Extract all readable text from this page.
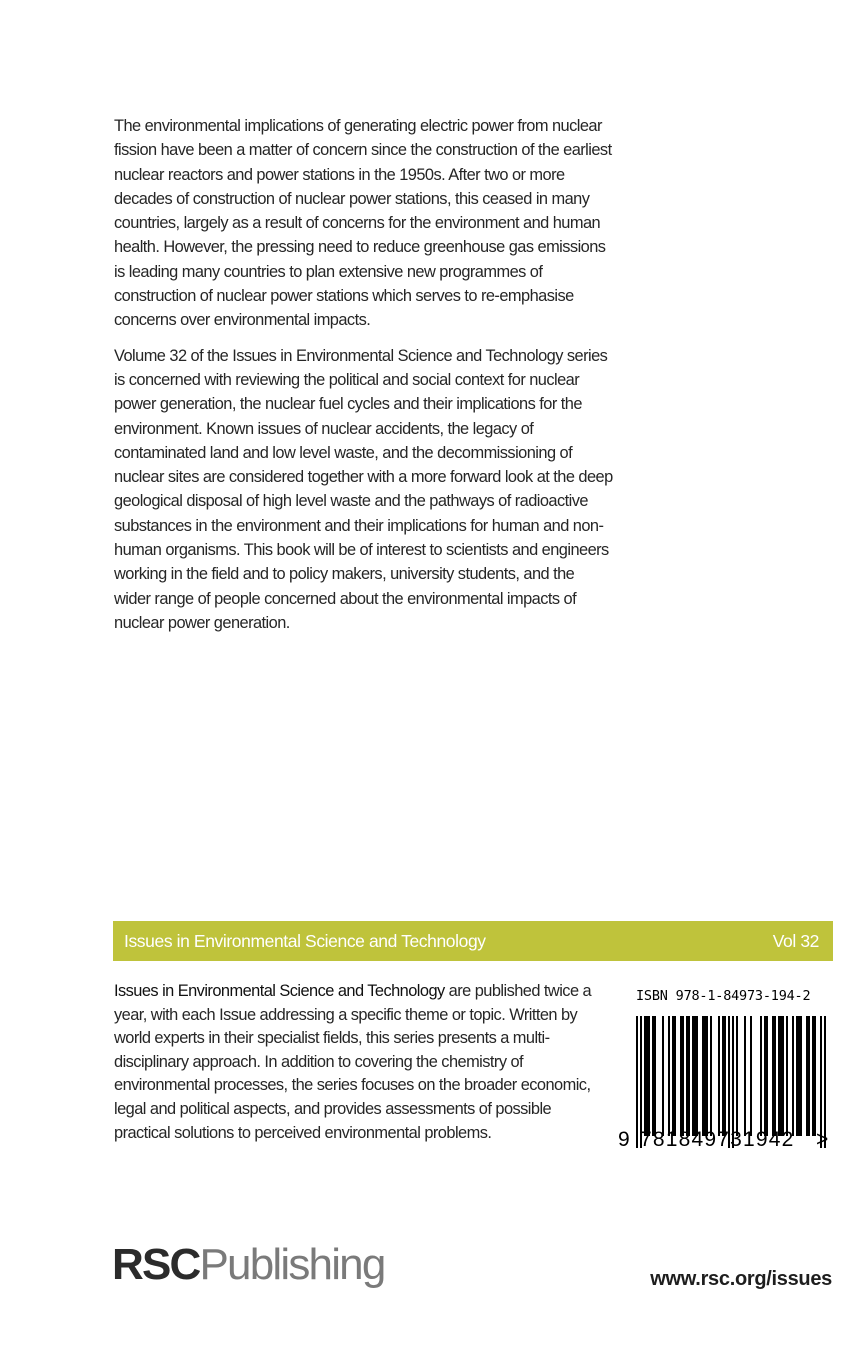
The environmental implications of generating electric power from nuclear fission have been a matter of concern since the construction of the earliest nuclear reactors and power stations in the 1950s. After two or more decades of construction of nuclear power stations, this ceased in many countries, largely as a result of concerns for the environment and human health. However, the pressing need to reduce greenhouse gas emissions is leading many countries to plan extensive new programmes of construction of nuclear power stations which serves to re-emphasise concerns over environmental impacts.

Volume 32 of the Issues in Environmental Science and Technology series is concerned with reviewing the political and social context for nuclear power generation, the nuclear fuel cycles and their implications for the environment. Known issues of nuclear accidents, the legacy of contaminated land and low level waste, and the decommissioning of nuclear sites are considered together with a more forward look at the deep geological disposal of high level waste and the pathways of radioactive substances in the environment and their implications for human and non-human organisms. This book will be of interest to scientists and engineers working in the field and to policy makers, university students, and the wider range of people concerned about the environmental impacts of nuclear power generation.

Issues in Environmental Science and Technology	Vol 32

Issues in Environmental Science and Technology are published twice a year, with each Issue addressing a specific theme or topic. Written by world experts in their specialist fields, this series presents a multi-disciplinary approach. In addition to covering the chemistry of environmental processes, the series focuses on the broader economic, legal and political aspects, and provides assessments of possible practical solutions to perceived environmental problems.

ISBN 978-1-84973-194-2
9 781849731942 >
RSCPublishing	www.rsc.org/issues
